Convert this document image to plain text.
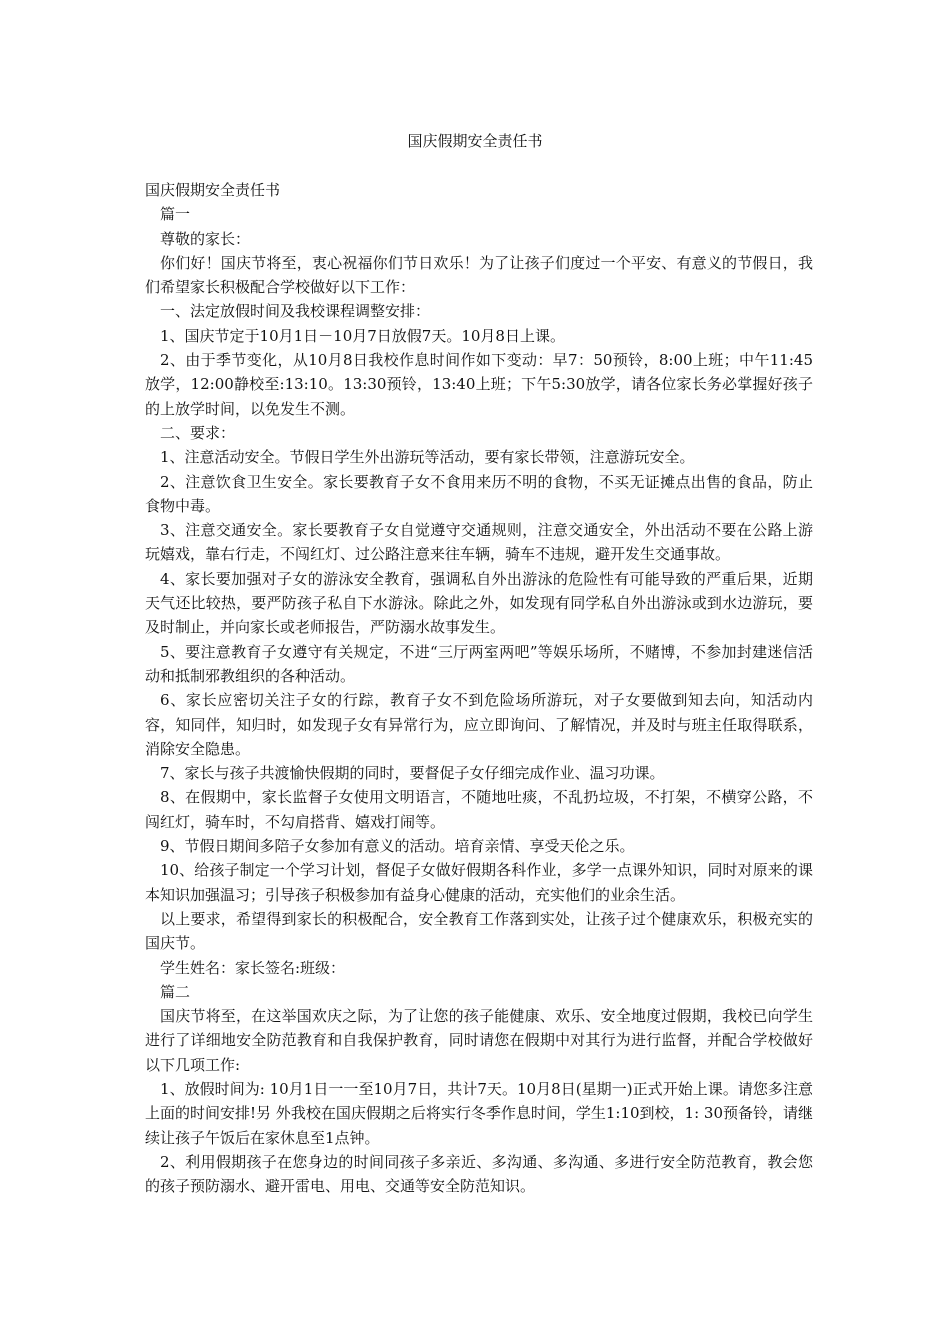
国庆假期安全责任书

国庆假期安全责任书

篇一

尊敬的家长：

你们好！国庆节将至，衷心祝福你们节日欢乐！为了让孩子们度过一个平安、有意义的节假日，我们希望家长积极配合学校做好以下工作：

一、法定放假时间及我校课程调整安排：

1、国庆节定于10月1日－10月7日放假7天。10月8日上课。

2、由于季节变化，从10月8日我校作息时间作如下变动：早7：50预铃，8:00上班；中午11:45放学，12:00静校至:13:10。13:30预铃，13:40上班；下午5:30放学，请各位家长务必掌握好孩子的上放学时间，以免发生不测。

二、要求：

1、注意活动安全。节假日学生外出游玩等活动，要有家长带领，注意游玩安全。

2、注意饮食卫生安全。家长要教育子女不食用来历不明的食物，不买无证摊点出售的食品，防止食物中毒。

3、注意交通安全。家长要教育子女自觉遵守交通规则，注意交通安全，外出活动不要在公路上游玩嬉戏，靠右行走，不闯红灯、过公路注意来往车辆，骑车不违规，避开发生交通事故。

4、家长要加强对子女的游泳安全教育，强调私自外出游泳的危险性有可能导致的严重后果，近期天气还比较热，要严防孩子私自下水游泳。除此之外，如发现有同学私自外出游泳或到水边游玩，要及时制止，并向家长或老师报告，严防溺水故事发生。

5、要注意教育子女遵守有关规定，不进“三厅两室两吧”等娱乐场所，不赌博，不参加封建迷信活动和抵制邪教组织的各种活动。

6、家长应密切关注子女的行踪，教育子女不到危险场所游玩，对子女要做到知去向，知活动内容，知同伴，知归时，如发现子女有异常行为，应立即询问、了解情况，并及时与班主任取得联系，消除安全隐患。

7、家长与孩子共渡愉快假期的同时，要督促子女仔细完成作业、温习功课。

8、在假期中，家长监督子女使用文明语言，不随地吐痰，不乱扔垃圾，不打架，不横穿公路，不闯红灯，骑车时，不勾肩搭背、嬉戏打闹等。

9、节假日期间多陪子女参加有意义的活动。培育亲情、享受天伦之乐。

10、给孩子制定一个学习计划，督促子女做好假期各科作业，多学一点课外知识，同时对原来的课本知识加强温习；引导孩子积极参加有益身心健康的活动，充实他们的业余生活。

以上要求，希望得到家长的积极配合，安全教育工作落到实处，让孩子过个健康欢乐，积极充实的国庆节。

学生姓名：家长签名:班级：

篇二

国庆节将至，在这举国欢庆之际，为了让您的孩子能健康、欢乐、安全地度过假期，我校已向学生进行了详细地安全防范教育和自我保护教育，同时请您在假期中对其行为进行监督，并配合学校做好以下几项工作:

1、放假时间为: 10月1日一一至10月7日，共计7天。10月8日(星期一)正式开始上课。请您多注意上面的时间安排!另 外我校在国庆假期之后将实行冬季作息时间，学生1:10到校，1: 30预备铃，请继续让孩子午饭后在家休息至1点钟。

2、利用假期孩子在您身边的时间同孩子多亲近、多沟通、多沟通、多进行安全防范教育，教会您的孩子预防溺水、避开雷电、用电、交通等安全防范知识。
